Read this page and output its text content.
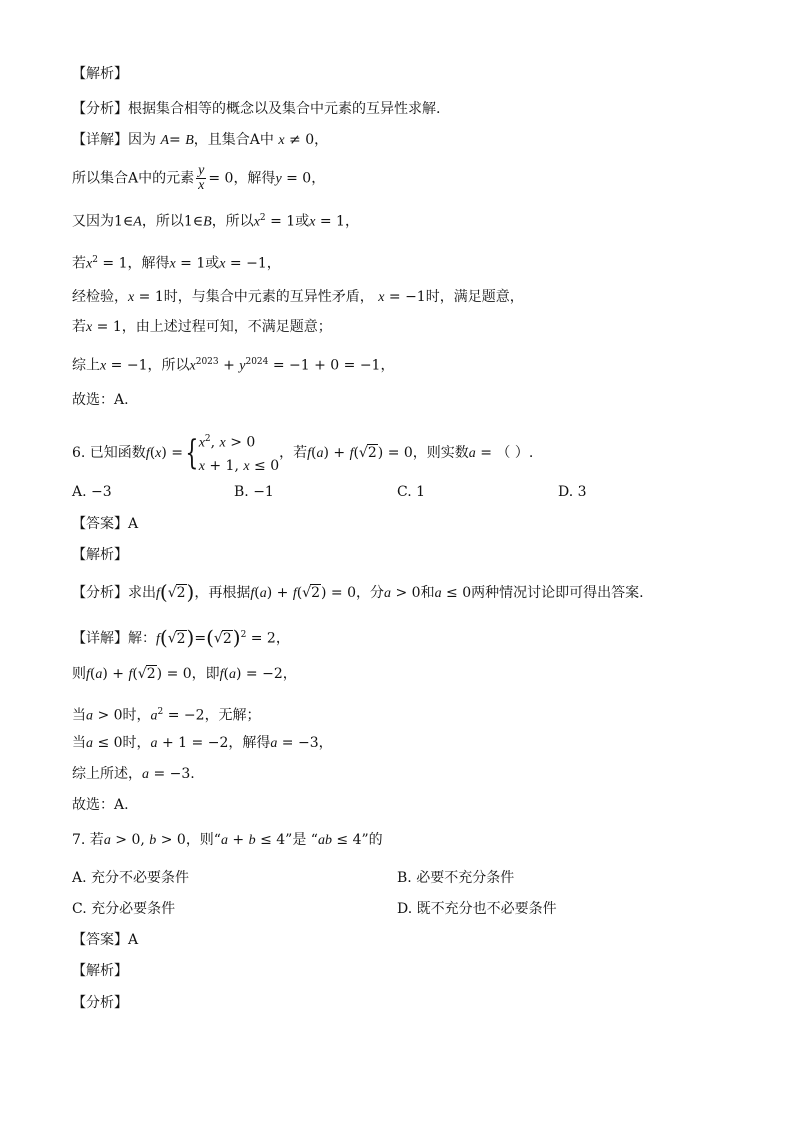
【解析】
【分析】根据集合相等的概念以及集合中元素的互异性求解.
【详解】因为 A= B，且集合A中 x ≠ 0，
所以集合A中的元素 $\frac{y}{x} = 0$，解得y = 0，
又因为1∈A，所以1∈B，所以$x^2 = 1$或x = 1，
若$x^2 = 1$，解得x = 1或x = −1，
经检验，x = 1时，与集合中元素的互异性矛盾， x = −1时，满足题意，
若x = 1，由上述过程可知，不满足题意；
综上x = −1，所以$x^{2023} + y^{2024} = -1 + 0 = -1$，
故选：A.
6. 已知函数f(x) ={ $x^2$, x > 0
x + 1, x ≤ 0
，若f(a) + f(√2) = 0，则实数a = （ ）.
A. −3	B. −1	C. 1	D. 3
【答案】A
【解析】
【分析】求出f(√2)，再根据f(a) + f(√2) = 0，分a > 0和a ≤ 0两种情况讨论即可得出答案.
【详解】解：$f(√2)=(√2)^2 = 2$，
则f(a) + f(√2) = 0，即f(a) = −2，
当a > 0时，$a^2 = -2$，无解；
当a ≤ 0时，a + 1 = −2，解得a = −3，
综上所述，a = −3.
故选：A.
7. 若a > 0, b > 0，则“a + b ≤ 4”是 “ab ≤ 4”的
A. 充分不必要条件	B. 必要不充分条件
C. 充分必要条件	D. 既不充分也不必要条件
【答案】A
【解析】
【分析】
